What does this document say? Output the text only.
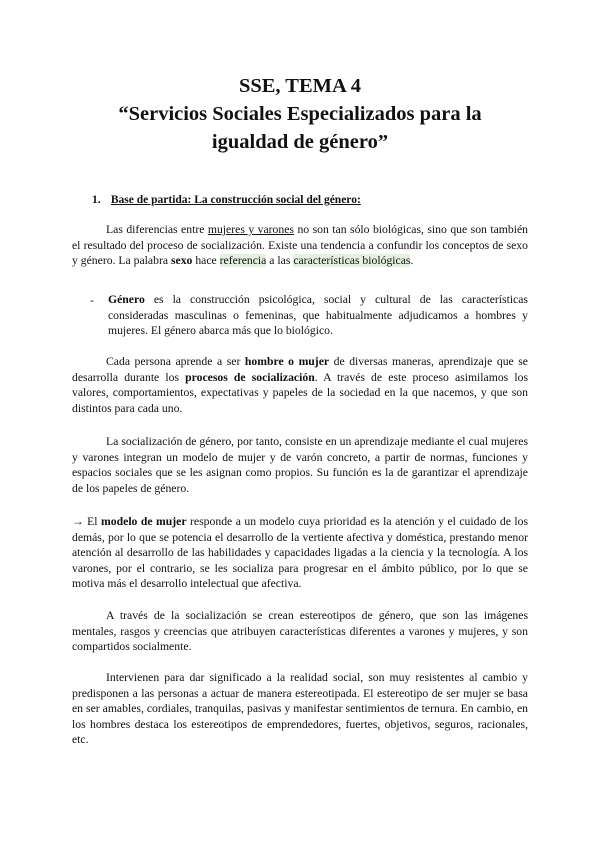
SSE, TEMA 4

“Servicios Sociales Especializados para la

igualdad de género”

1. Base de partida: La construcción social del género:

Las diferencias entre mujeres y varones no son tan sólo biológicas, sino que son también el resultado del proceso de socialización. Existe una tendencia a confundir los conceptos de sexo y género. La palabra sexo hace referencia a las características biológicas.

- Género es la construcción psicológica, social y cultural de las características consideradas masculinas o femeninas, que habitualmente adjudicamos a hombres y mujeres. El género abarca más que lo biológico.

Cada persona aprende a ser hombre o mujer de diversas maneras, aprendizaje que se desarrolla durante los procesos de socialización. A través de este proceso asimilamos los valores, comportamientos, expectativas y papeles de la sociedad en la que nacemos, y que son distintos para cada uno.

La socialización de género, por tanto, consiste en un aprendizaje mediante el cual mujeres y varones integran un modelo de mujer y de varón concreto, a partir de normas, funciones y espacios sociales que se les asignan como propios. Su función es la de garantizar el aprendizaje de los papeles de género.

→ El modelo de mujer responde a un modelo cuya prioridad es la atención y el cuidado de los demás, por lo que se potencia el desarrollo de la vertiente afectiva y doméstica, prestando menor atención al desarrollo de las habilidades y capacidades ligadas a la ciencia y la tecnología. A los varones, por el contrario, se les socializa para progresar en el ámbito público, por lo que se motiva más el desarrollo intelectual que afectiva.

A través de la socialización se crean estereotipos de género, que son las imágenes mentales, rasgos y creencias que atribuyen características diferentes a varones y mujeres, y son compartidos socialmente.

Intervienen para dar significado a la realidad social, son muy resistentes al cambio y predisponen a las personas a actuar de manera estereotipada. El estereotipo de ser mujer se basa en ser amables, cordiales, tranquilas, pasivas y manifestar sentimientos de ternura. En cambio, en los hombres destaca los estereotipos de emprendedores, fuertes, objetivos, seguros, racionales, etc.
